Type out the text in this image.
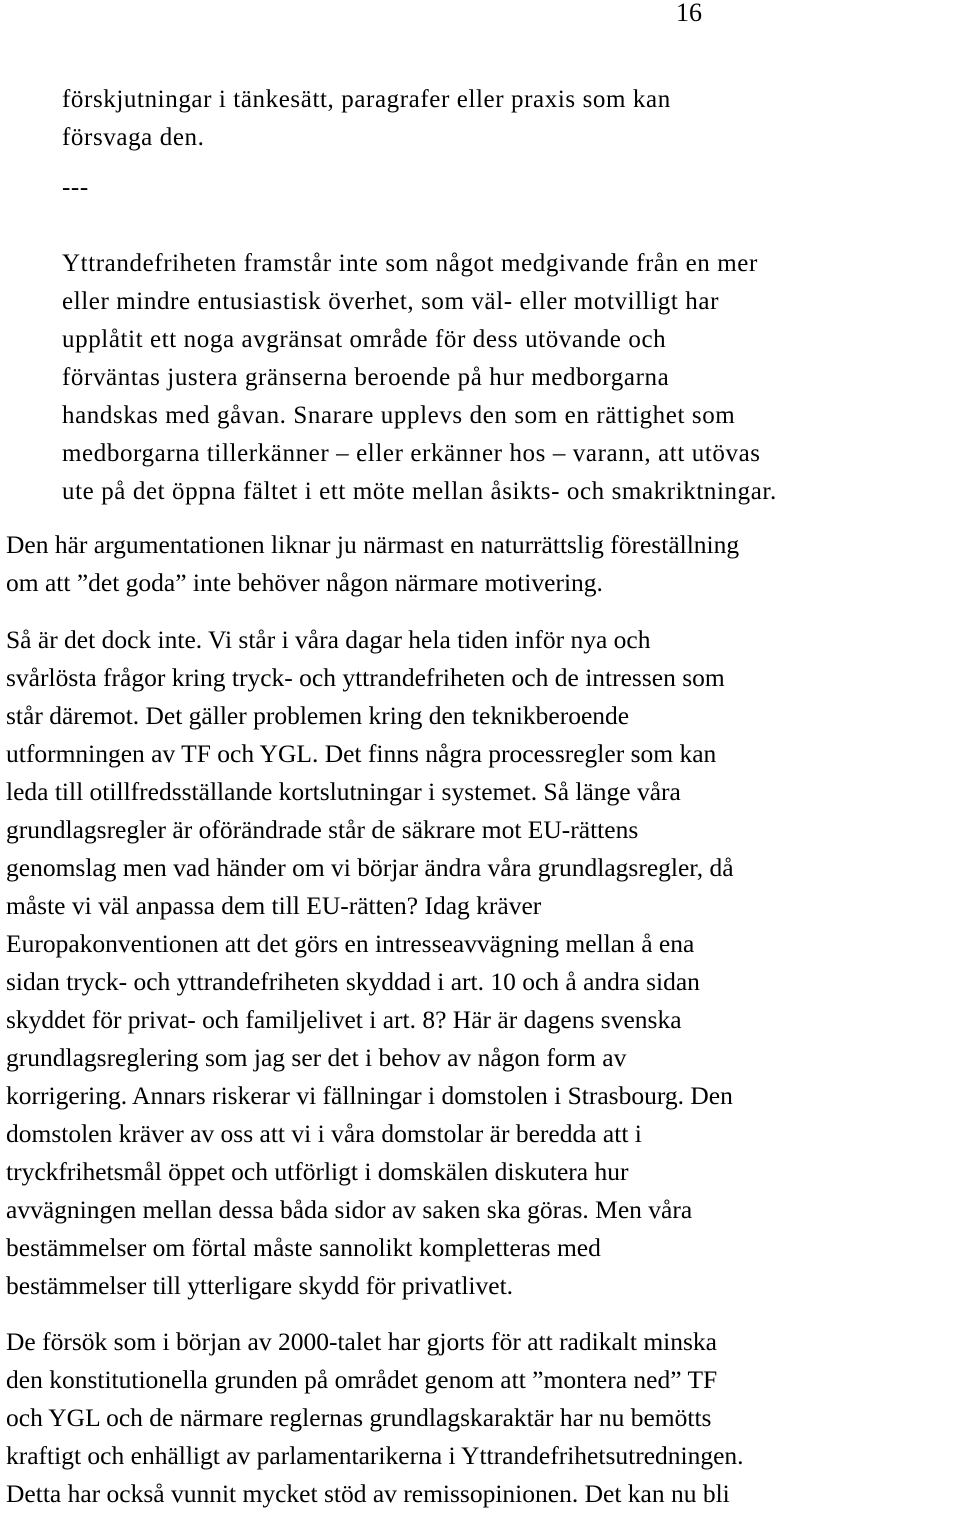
16
förskjutningar i tänkesätt, paragrafer eller praxis som kan
försvaga den.
---
Yttrandefriheten framstår inte som något medgivande från en mer
eller mindre entusiastisk överhet, som väl- eller motvilligt har
upplåtit ett noga avgränsat område för dess utövande och
förväntas justera gränserna beroende på hur medborgarna
handskas med gåvan. Snarare upplevs den som en rättighet som
medborgarna tillerkänner – eller erkänner hos – varann, att utövas
ute på det öppna fältet i ett möte mellan åsikts- och smakriktningar.
Den här argumentationen liknar ju närmast en naturrättslig föreställning
om att ”det goda” inte behöver någon närmare motivering.
Så är det dock inte. Vi står i våra dagar hela tiden inför nya och
svårlösta frågor kring tryck- och yttrandefriheten och de intressen som
står däremot. Det gäller problemen kring den teknikberoende
utformningen av TF och YGL. Det finns några processregler som kan
leda till otillfredsställande kortslutningar i systemet. Så länge våra
grundlagsregler är oförändrade står de säkrare mot EU-rättens
genomslag men vad händer om vi börjar ändra våra grundlagsregler, då
måste vi väl anpassa dem till EU-rätten? Idag kräver
Europakonventionen att det görs en intresseavvägning mellan å ena
sidan tryck- och yttrandefriheten skyddad i art. 10 och å andra sidan
skyddet för privat- och familjelivet i art. 8? Här är dagens svenska
grundlagsreglering som jag ser det i behov av någon form av
korrigering. Annars riskerar vi fällningar i domstolen i Strasbourg. Den
domstolen kräver av oss att vi i våra domstolar är beredda att i
tryckfrihetsmål öppet och utförligt i domskälen diskutera hur
avvägningen mellan dessa båda sidor av saken ska göras. Men våra
bestämmelser om förtal måste sannolikt kompletteras med
bestämmelser till ytterligare skydd för privatlivet.
De försök som i början av 2000-talet har gjorts för att radikalt minska
den konstitutionella grunden på området genom att ”montera ned” TF
och YGL och de närmare reglernas grundlagskaraktär har nu bemötts
kraftigt och enhälligt av parlamentarikerna i Yttrandefrihetsutredningen.
Detta har också vunnit mycket stöd av remissopinionen. Det kan nu bli
